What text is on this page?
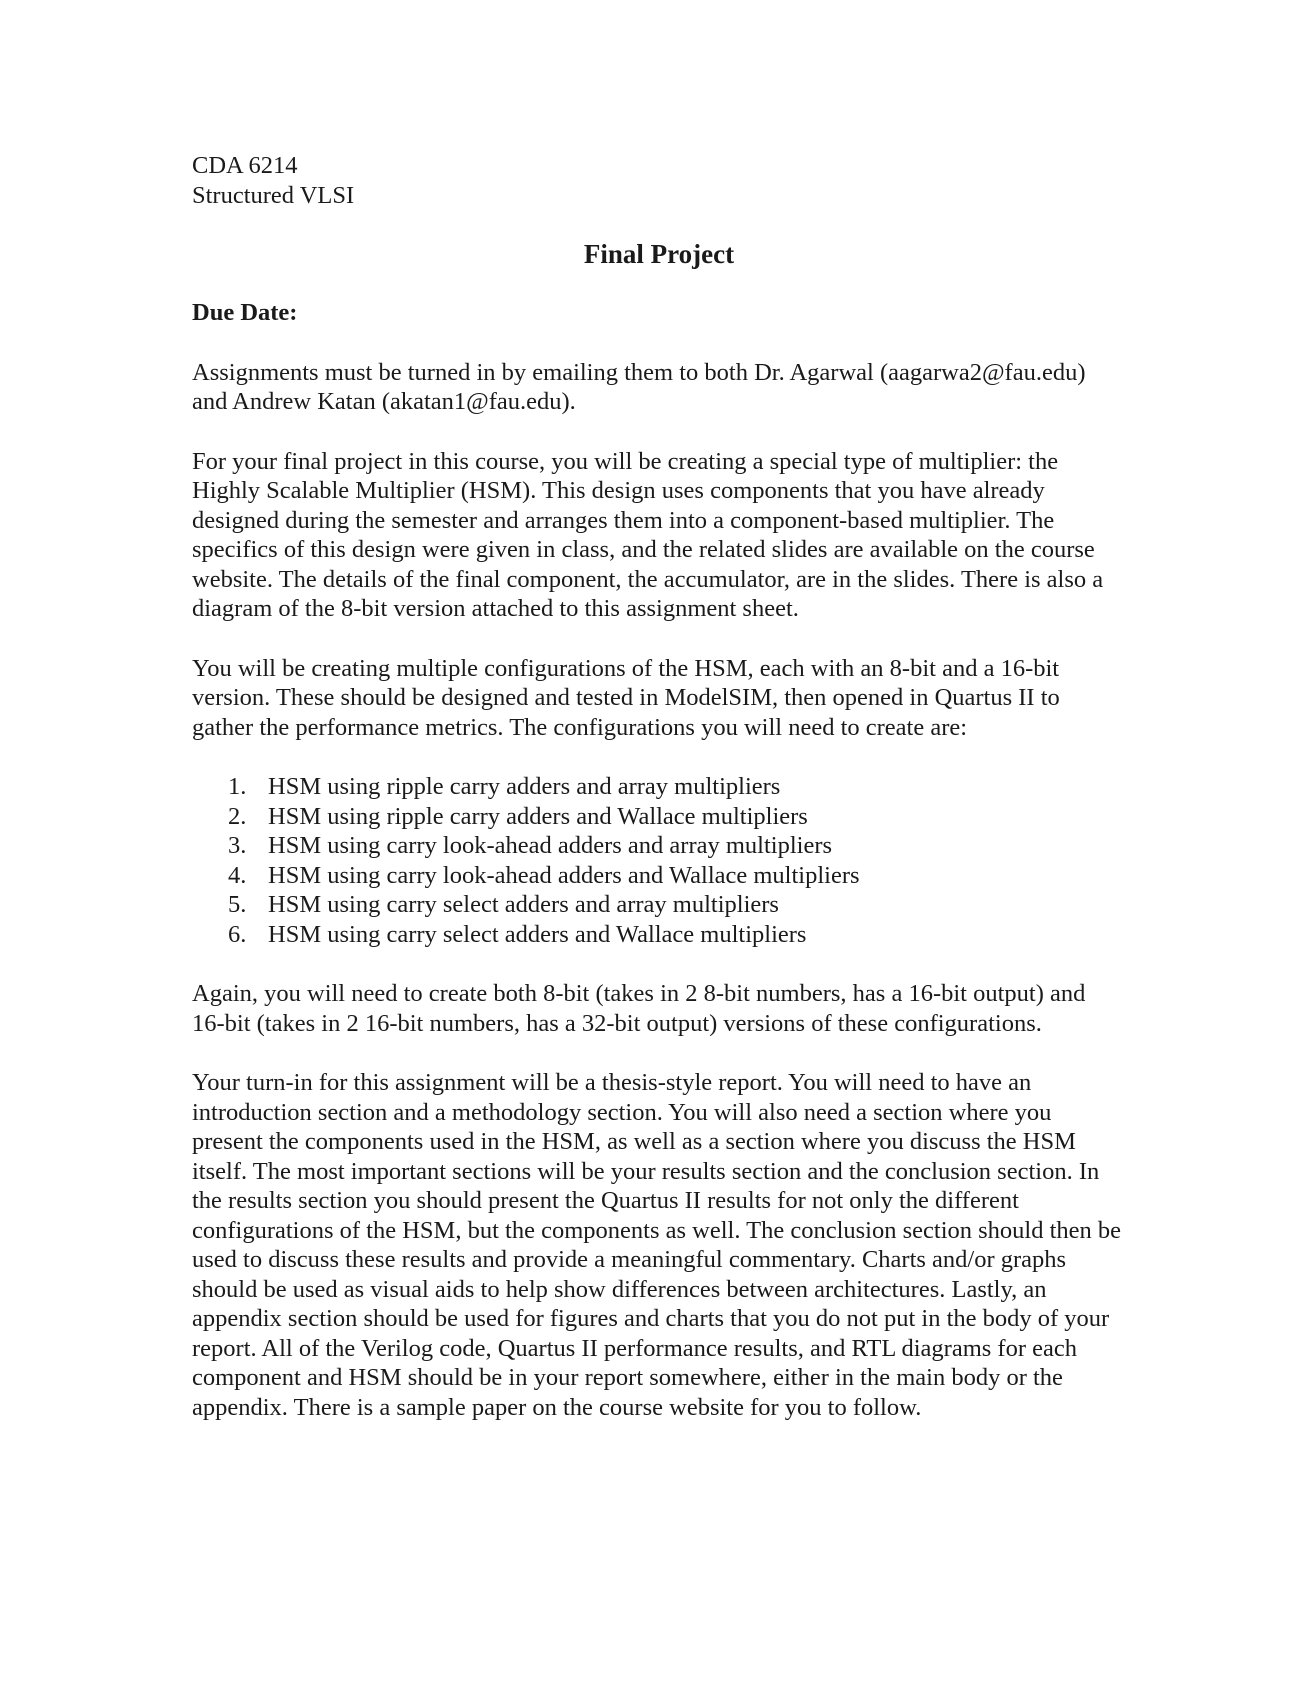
CDA 6214
Structured VLSI
Final Project
Due Date:

Assignments must be turned in by emailing them to both Dr. Agarwal (aagarwa2@fau.edu) and Andrew Katan (akatan1@fau.edu).

For your final project in this course, you will be creating a special type of multiplier: the Highly Scalable Multiplier (HSM). This design uses components that you have already designed during the semester and arranges them into a component-based multiplier. The specifics of this design were given in class, and the related slides are available on the course website. The details of the final component, the accumulator, are in the slides. There is also a diagram of the 8-bit version attached to this assignment sheet.

You will be creating multiple configurations of the HSM, each with an 8-bit and a 16-bit version. These should be designed and tested in ModelSIM, then opened in Quartus II to gather the performance metrics. The configurations you will need to create are:

1. HSM using ripple carry adders and array multipliers
2. HSM using ripple carry adders and Wallace multipliers
3. HSM using carry look-ahead adders and array multipliers
4. HSM using carry look-ahead adders and Wallace multipliers
5. HSM using carry select adders and array multipliers
6. HSM using carry select adders and Wallace multipliers

Again, you will need to create both 8-bit (takes in 2 8-bit numbers, has a 16-bit output) and 16-bit (takes in 2 16-bit numbers, has a 32-bit output) versions of these configurations.

Your turn-in for this assignment will be a thesis-style report. You will need to have an introduction section and a methodology section. You will also need a section where you present the components used in the HSM, as well as a section where you discuss the HSM itself. The most important sections will be your results section and the conclusion section. In the results section you should present the Quartus II results for not only the different configurations of the HSM, but the components as well. The conclusion section should then be used to discuss these results and provide a meaningful commentary. Charts and/or graphs should be used as visual aids to help show differences between architectures. Lastly, an appendix section should be used for figures and charts that you do not put in the body of your report. All of the Verilog code, Quartus II performance results, and RTL diagrams for each component and HSM should be in your report somewhere, either in the main body or the appendix. There is a sample paper on the course website for you to follow.
